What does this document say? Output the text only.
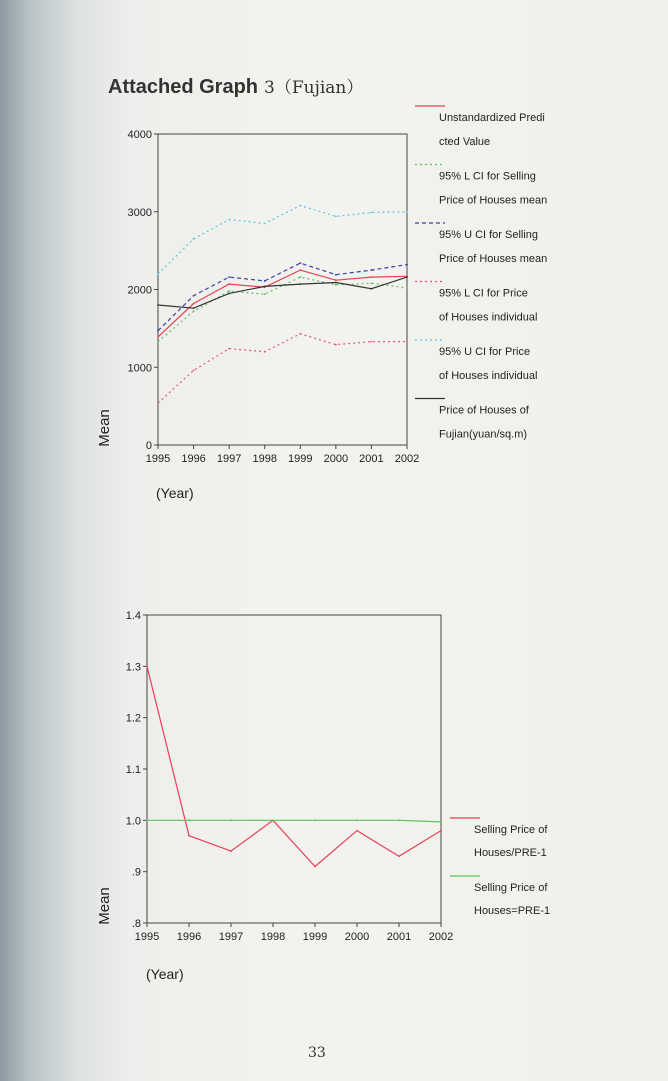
Attached Graph 3（Fujian）
0
1000
2000
3000
4000
1995 1996 1997 1998 1999 2000 2001 2002
Mean
(Year)
Unstandardized Predi
cted Value
95% L CI for Selling
Price of Houses mean
95% U CI for Selling
Price of Houses mean
95% L CI for Price
of Houses individual
95% U CI for Price
of Houses individual
Price of Houses of
Fujian(yuan/sq.m)
.8
.9
1.0
1.1
1.2
1.3
1.4
1995 1996 1997 1998 1999 2000 2001 2002
Mean
(Year)
Selling Price of
Houses/PRE-1
Selling Price of
Houses=PRE-1
33
